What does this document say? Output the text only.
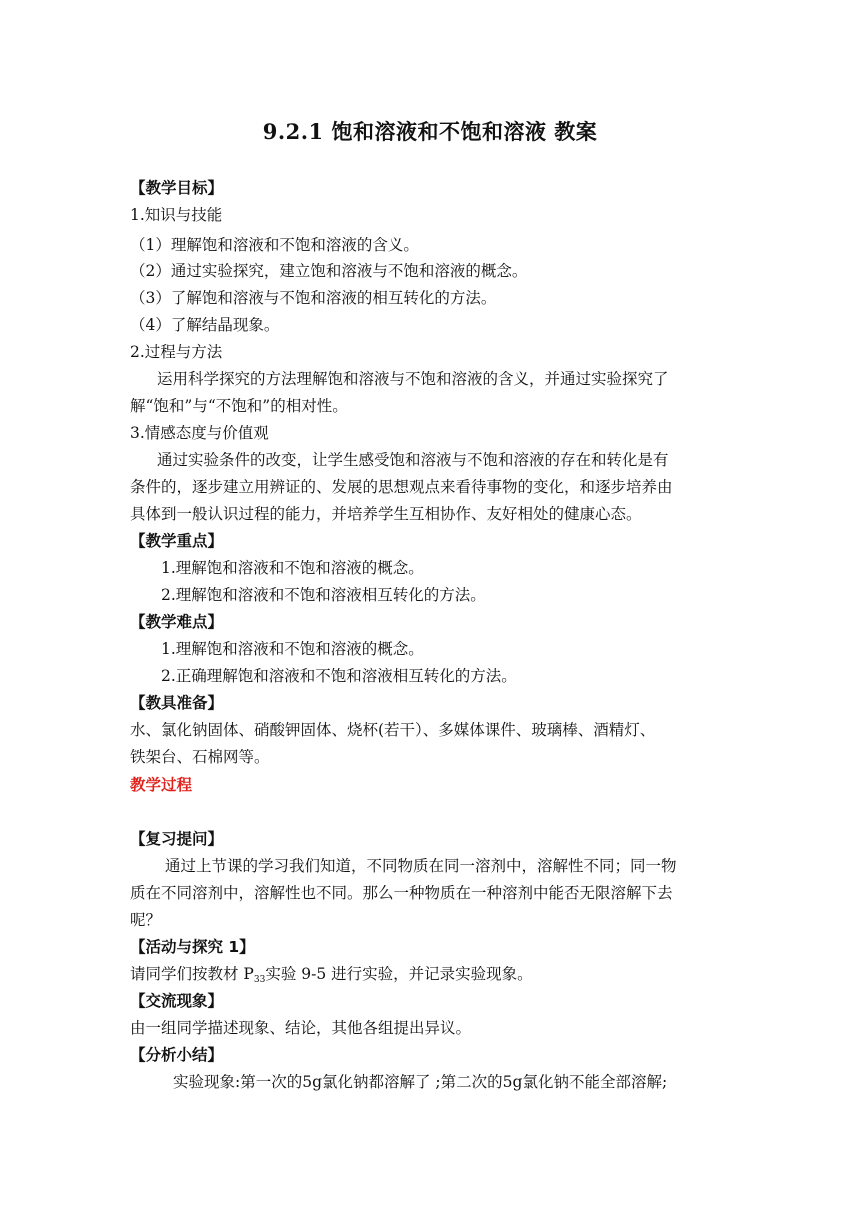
9.2.1 饱和溶液和不饱和溶液 教案
【教学目标】
1.知识与技能
（1）理解饱和溶液和不饱和溶液的含义。
（2）通过实验探究，建立饱和溶液与不饱和溶液的概念。
（3）了解饱和溶液与不饱和溶液的相互转化的方法。
（4）了解结晶现象。
2.过程与方法
运用科学探究的方法理解饱和溶液与不饱和溶液的含义，并通过实验探究了
解“饱和”与“不饱和”的相对性。
3.情感态度与价值观
通过实验条件的改变，让学生感受饱和溶液与不饱和溶液的存在和转化是有
条件的，逐步建立用辨证的、发展的思想观点来看待事物的变化，和逐步培养由
具体到一般认识过程的能力，并培养学生互相协作、友好相处的健康心态。
【教学重点】
1.理解饱和溶液和不饱和溶液的概念。
2.理解饱和溶液和不饱和溶液相互转化的方法。
【教学难点】
1.理解饱和溶液和不饱和溶液的概念。
2.正确理解饱和溶液和不饱和溶液相互转化的方法。
【教具准备】
水、氯化钠固体、硝酸钾固体、烧杯(若干）、多媒体课件、玻璃棒、酒精灯、
铁架台、石棉网等。
教学过程
【复习提问】
通过上节课的学习我们知道，不同物质在同一溶剂中，溶解性不同；同一物
质在不同溶剂中，溶解性也不同。那么一种物质在一种溶剂中能否无限溶解下去
呢？
【活动与探究 1】
请同学们按教材 $P_{33}$实验 9-5 进行实验，并记录实验现象。
【交流现象】
由一组同学描述现象、结论，其他各组提出异议。
【分析小结】
实验现象:第一次的5g氯化钠都溶解了 ;第二次的5g氯化钠不能全部溶解;
